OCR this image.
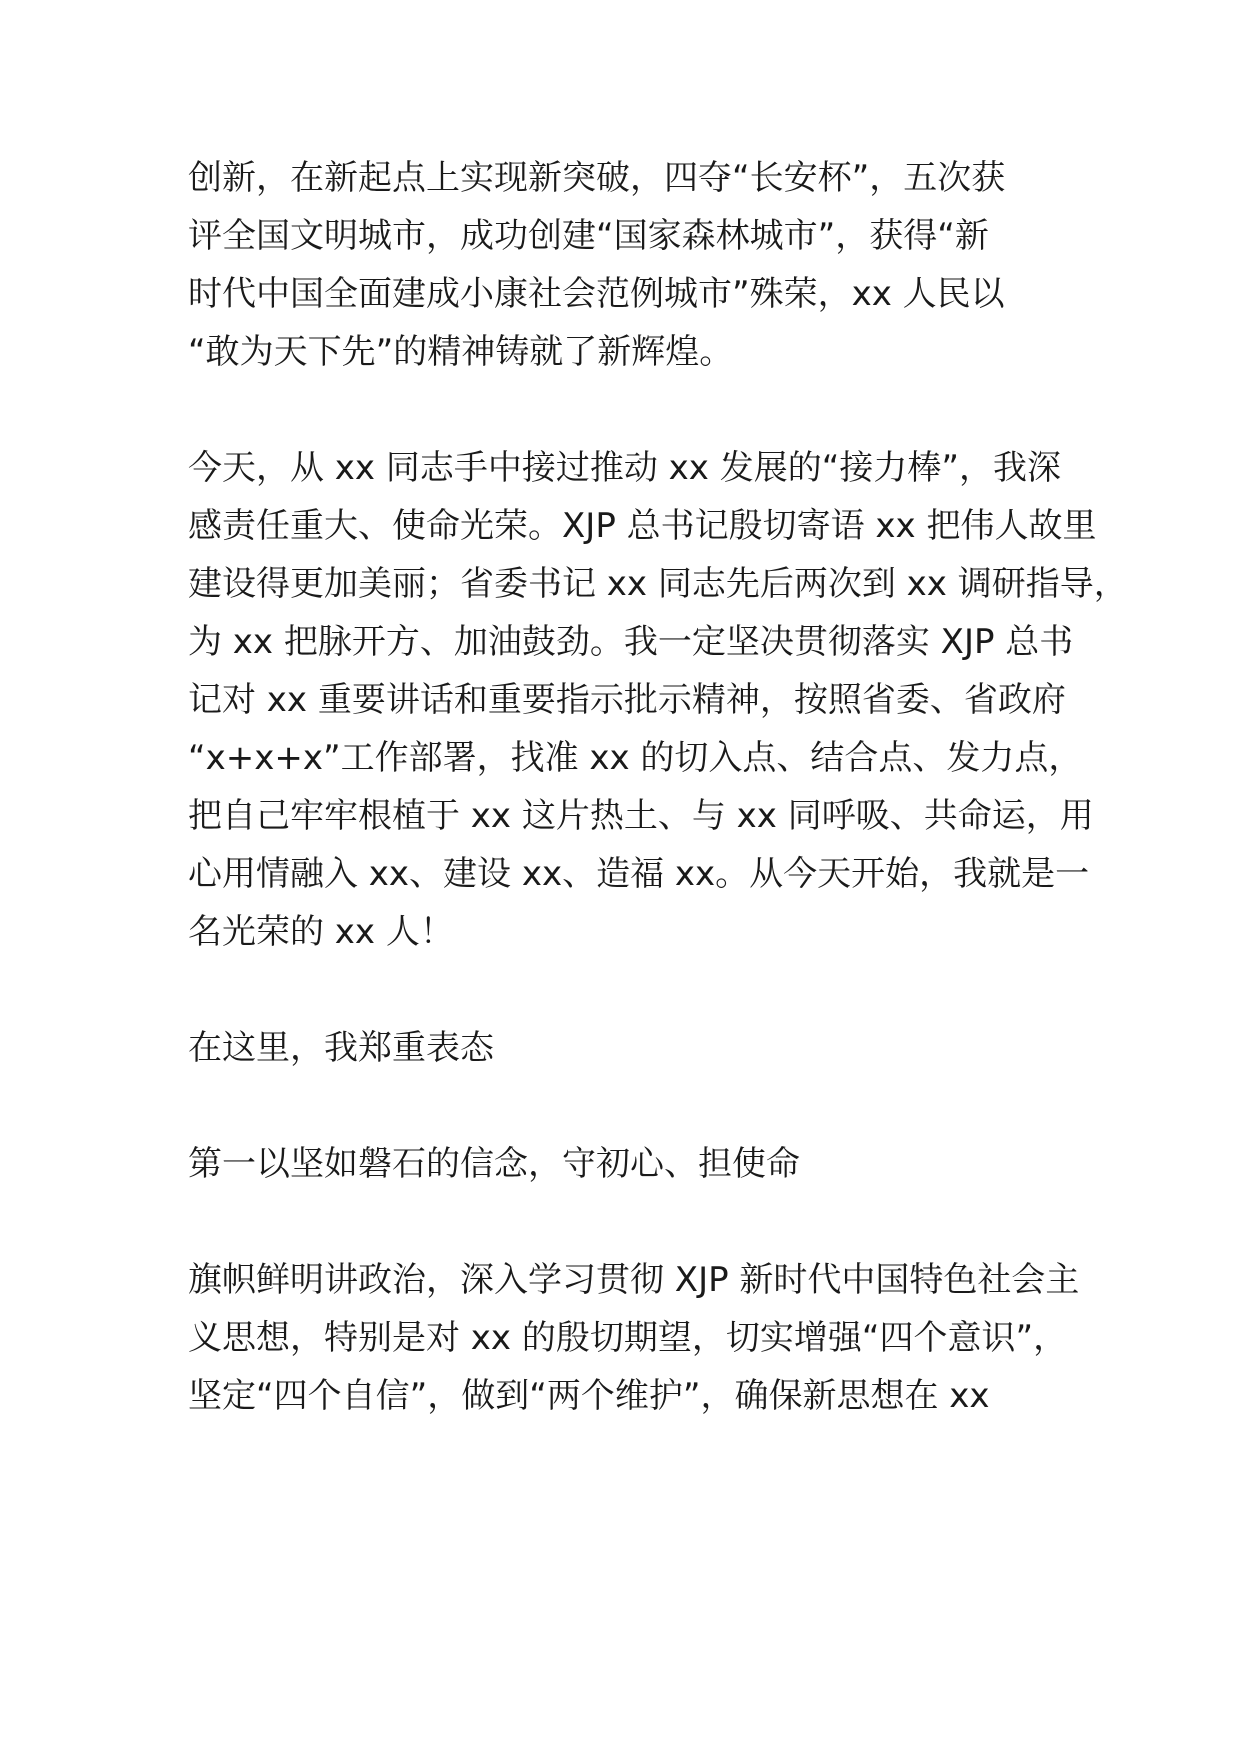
创新，在新起点上实现新突破，四夺“长安杯”，五次获
评全国文明城市，成功创建“国家森林城市”，获得“新
时代中国全面建成小康社会范例城市”殊荣，xx 人民以
“敢为天下先”的精神铸就了新辉煌。
今天，从 xx 同志手中接过推动 xx 发展的“接力棒”，我深
感责任重大、使命光荣。XJP 总书记殷切寄语 xx 把伟人故里
建设得更加美丽；省委书记 xx 同志先后两次到 xx 调研指导，
为 xx 把脉开方、加油鼓劲。我一定坚决贯彻落实 XJP 总书
记对 xx 重要讲话和重要指示批示精神，按照省委、省政府
“x+x+x”工作部署，找准 xx 的切入点、结合点、发力点，
把自己牢牢根植于 xx 这片热土、与 xx 同呼吸、共命运，用
心用情融入 xx、建设 xx、造福 xx。从今天开始，我就是一
名光荣的 xx 人！
在这里，我郑重表态
第一以坚如磐石的信念，守初心、担使命
旗帜鲜明讲政治，深入学习贯彻 XJP 新时代中国特色社会主
义思想，特别是对 xx 的殷切期望，切实增强“四个意识”，
坚定“四个自信”，做到“两个维护”，确保新思想在 xx
